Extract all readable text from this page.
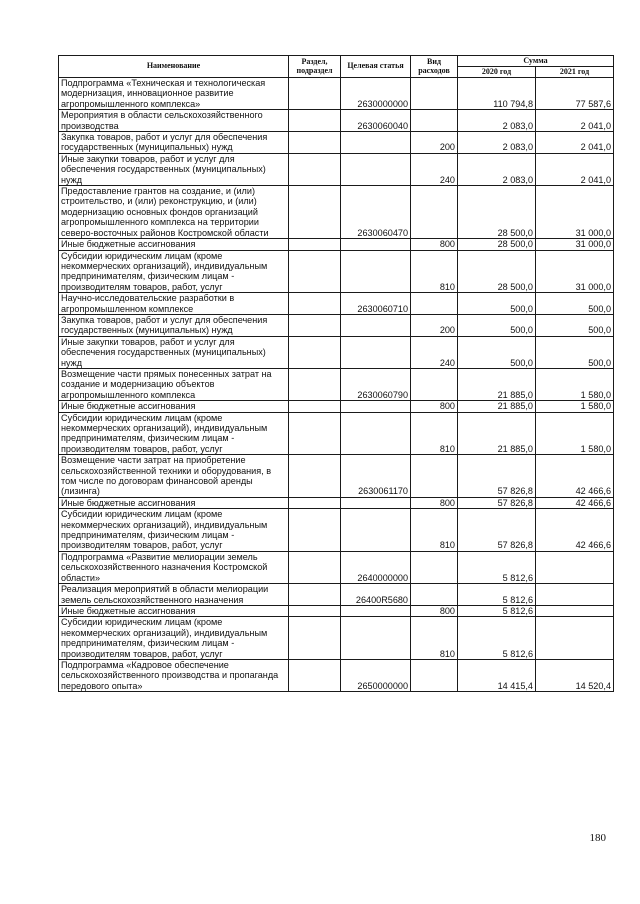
Наименование	Раздел, подраздел	Целевая статья	Вид расходов	Сумма	
				2020 год	2021 год
Подпрограмма «Техническая и технологическая модернизация, инновационное развитие агропромышленного комплекса»		2630000000		110 794,8	77 587,6
Мероприятия в области сельскохозяйственного производства		2630060040		2 083,0	2 041,0
Закупка товаров, работ и услуг для обеспечения государственных (муниципальных) нужд			200	2 083,0	2 041,0
Иные закупки товаров, работ и услуг для обеспечения государственных (муниципальных) нужд			240	2 083,0	2 041,0
Предоставление грантов на создание, и (или) строительство, и (или) реконструкцию, и (или) модернизацию основных фондов организаций агропромышленного комплекса на территории северо-восточных районов Костромской области		2630060470		28 500,0	31 000,0
Иные бюджетные ассигнования			800	28 500,0	31 000,0
Субсидии юридическим лицам (кроме некоммерческих организаций), индивидуальным предпринимателям, физическим лицам - производителям товаров, работ, услуг			810	28 500,0	31 000,0
Научно-исследовательские разработки в агропромышленном комплексе		2630060710		500,0	500,0
Закупка товаров, работ и услуг для обеспечения государственных (муниципальных) нужд			200	500,0	500,0
Иные закупки товаров, работ и услуг для обеспечения государственных (муниципальных) нужд			240	500,0	500,0
Возмещение части прямых понесенных затрат на создание и модернизацию объектов агропромышленного комплекса		2630060790		21 885,0	1 580,0
Иные бюджетные ассигнования			800	21 885,0	1 580,0
Субсидии юридическим лицам (кроме некоммерческих организаций), индивидуальным предпринимателям, физическим лицам - производителям товаров, работ, услуг			810	21 885,0	1 580,0
Возмещение части затрат на приобретение сельскохозяйственной техники и оборудования, в том числе по договорам финансовой аренды (лизинга)		2630061170		57 826,8	42 466,6
Иные бюджетные ассигнования			800	57 826,8	42 466,6
Субсидии юридическим лицам (кроме некоммерческих организаций), индивидуальным предпринимателям, физическим лицам - производителям товаров, работ, услуг			810	57 826,8	42 466,6
Подпрограмма «Развитие мелиорации земель сельскохозяйственного назначения Костромской области»		2640000000		5 812,6	
Реализация мероприятий в области мелиорации земель сельскохозяйственного назначения		26400R5680		5 812,6	
Иные бюджетные ассигнования			800	5 812,6	
Субсидии юридическим лицам (кроме некоммерческих организаций), индивидуальным предпринимателям, физическим лицам - производителям товаров, работ, услуг			810	5 812,6	
Подпрограмма «Кадровое обеспечение сельскохозяйственного производства и пропаганда передового опыта»		2650000000		14 415,4	14 520,4
180
